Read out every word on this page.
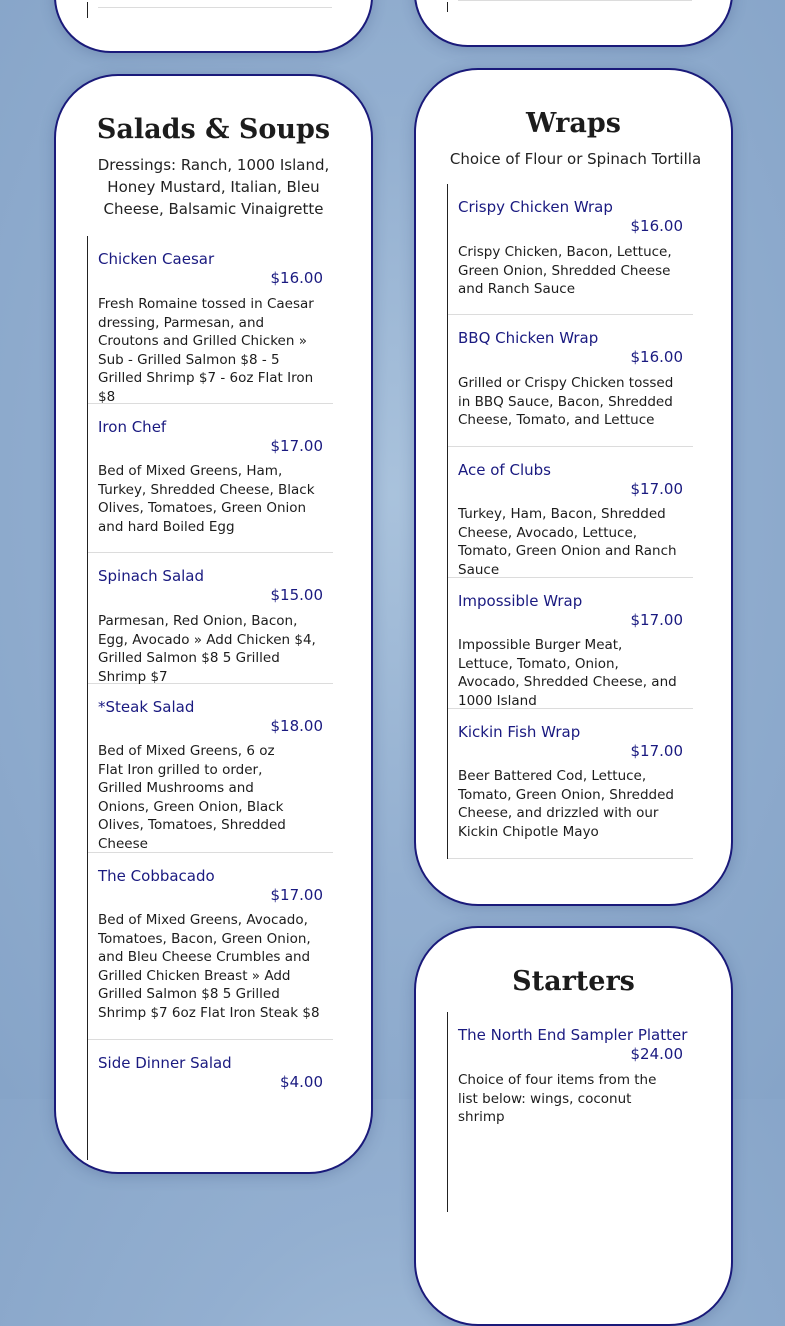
Salads & Soups
Dressings: Ranch, 1000 Island, Honey Mustard, Italian, Bleu Cheese, Balsamic Vinaigrette
Chicken Caesar
$16.00
Fresh Romaine tossed in Caesar dressing, Parmesan, and Croutons and Grilled Chicken » Sub - Grilled Salmon $8 - 5 Grilled Shrimp $7 - 6oz Flat Iron $8
Iron Chef
$17.00
Bed of Mixed Greens, Ham, Turkey, Shredded Cheese, Black Olives, Tomatoes, Green Onion and hard Boiled Egg
Spinach Salad
$15.00
Parmesan, Red Onion, Bacon, Egg, Avocado » Add Chicken $4, Grilled Salmon $8 5 Grilled Shrimp $7
*Steak Salad
$18.00
Bed of Mixed Greens, 6 oz Flat Iron grilled to order, Grilled Mushrooms and Onions, Green Onion, Black Olives, Tomatoes, Shredded Cheese
The Cobbacado
$17.00
Bed of Mixed Greens, Avocado, Tomatoes, Bacon, Green Onion, and Bleu Cheese Crumbles and Grilled Chicken Breast » Add Grilled Salmon $8 5 Grilled Shrimp $7 6oz Flat Iron Steak $8
Side Dinner Salad
$4.00
Wraps
Choice of Flour or Spinach Tortilla
Crispy Chicken Wrap
$16.00
Crispy Chicken, Bacon, Lettuce, Green Onion, Shredded Cheese and Ranch Sauce
BBQ Chicken Wrap
$16.00
Grilled or Crispy Chicken tossed in BBQ Sauce, Bacon, Shredded Cheese, Tomato, and Lettuce
Ace of Clubs
$17.00
Turkey, Ham, Bacon, Shredded Cheese, Avocado, Lettuce, Tomato, Green Onion and Ranch Sauce
Impossible Wrap
$17.00
Impossible Burger Meat, Lettuce, Tomato, Onion, Avocado, Shredded Cheese, and 1000 Island
Kickin Fish Wrap
$17.00
Beer Battered Cod, Lettuce, Tomato, Green Onion, Shredded Cheese, and drizzled with our Kickin Chipotle Mayo
Starters
The North End Sampler Platter
$24.00
Choice of four items from the list below: wings, coconut shrimp
